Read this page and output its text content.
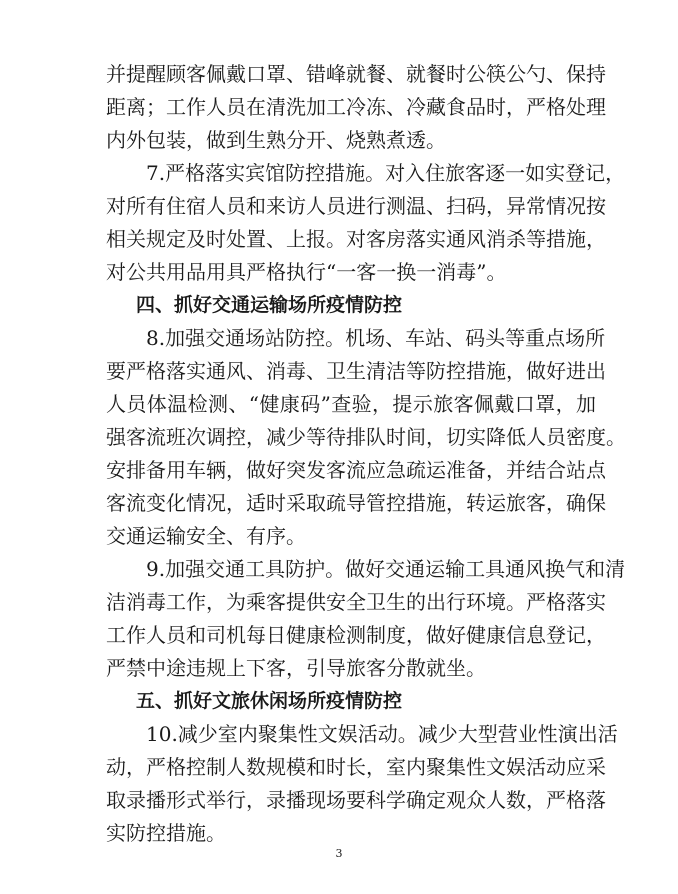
并提醒顾客佩戴口罩、错峰就餐、就餐时公筷公勺、保持
距离；工作人员在清洗加工冷冻、冷藏食品时，严格处理
内外包装，做到生熟分开、烧熟煮透。
7.严格落实宾馆防控措施。对入住旅客逐一如实登记，
对所有住宿人员和来访人员进行测温、扫码，异常情况按
相关规定及时处置、上报。对客房落实通风消杀等措施，
对公共用品用具严格执行“一客一换一消毒”。
四、抓好交通运输场所疫情防控
8.加强交通场站防控。机场、车站、码头等重点场所
要严格落实通风、消毒、卫生清洁等防控措施，做好进出
人员体温检测、“健康码”查验，提示旅客佩戴口罩，加
强客流班次调控，减少等待排队时间，切实降低人员密度。
安排备用车辆，做好突发客流应急疏运准备，并结合站点
客流变化情况，适时采取疏导管控措施，转运旅客，确保
交通运输安全、有序。
9.加强交通工具防护。做好交通运输工具通风换气和清
洁消毒工作，为乘客提供安全卫生的出行环境。严格落实
工作人员和司机每日健康检测制度，做好健康信息登记，
严禁中途违规上下客，引导旅客分散就坐。
五、抓好文旅休闲场所疫情防控
10.减少室内聚集性文娱活动。减少大型营业性演出活
动，严格控制人数规模和时长，室内聚集性文娱活动应采
取录播形式举行，录播现场要科学确定观众人数，严格落
实防控措施。
3
